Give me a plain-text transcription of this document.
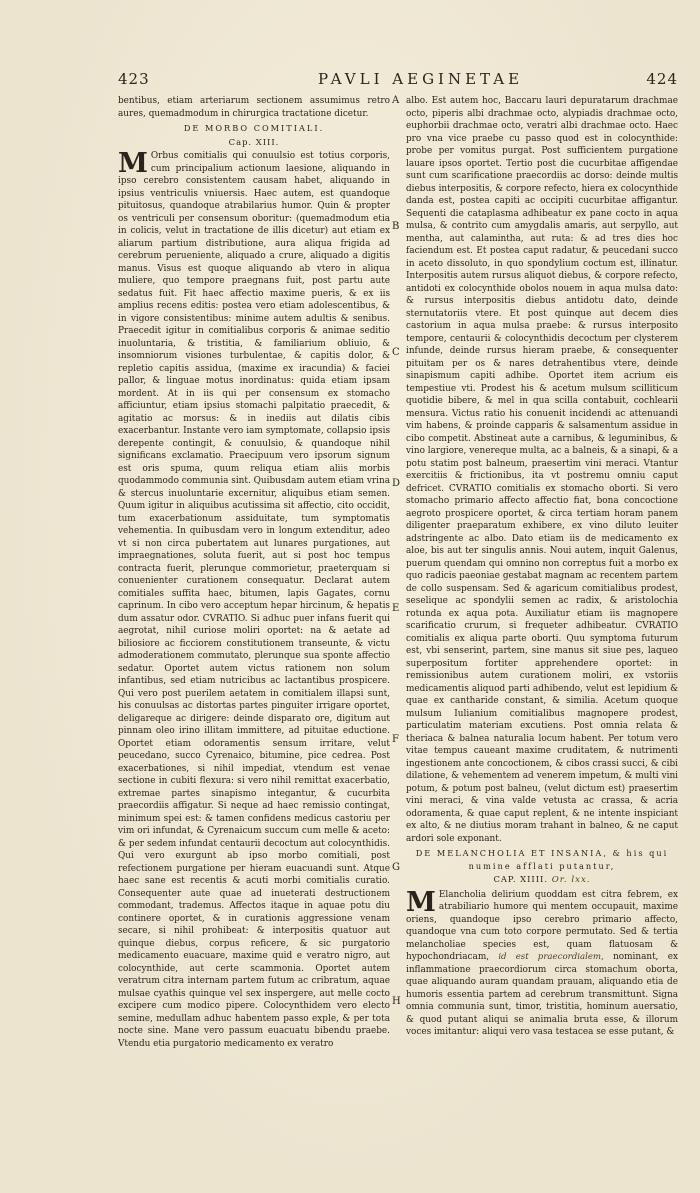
423	PAVLI AEGINETAE	424

bentibus, etiam arteriarum sectionem assumimus retro aures, quemadmodum in chirurgica tractatione dicetur.

DE MORBO COMITIALI.
Cap. XIII.

M Orbus comitialis qui conuulsio est totius corporis, cum principalium actionum laesione, aliquando in ipso cerebro consistentem causam habet, aliquando in ipsius ventriculis vniuersis. Haec autem, est quandoque pituitosus, quandoque atrabilarius humor. Quin & propter os ventriculi per consensum oboritur: (quemadmodum etia in colicis, velut in tractatione de illis dicetur) aut etiam ex aliarum partium distributione, aura aliqua frigida ad cerebrum perueniente, aliquado a crure, aliquado a digitis manus. Visus est quoque aliquando ab vtero in aliqua muliere, quo tempore praegnans fuit, post partu aute sedatus fuit. Fit haec affectio maxime pueris, & ex iis amplius recens editis: postea vero etiam adolescentibus, & in vigore consistentibus: minime autem adultis & senibus. Praecedit igitur in comitialibus corporis & animae seditio inuoluntaria, & tristitia, & familiarium obliuio, & insomniorum visiones turbulentae, & capitis dolor, & repletio capitis assidua, (maxime ex iracundia) & faciei pallor, & linguae motus inordinatus: quida etiam ipsam mordent. At in iis qui per consensum ex stomacho afficiuntur, etiam ipsius stomachi palpitatio praecedit, & agitatio ac morsus: & in inediis aut dilatis cibis exacerbantur. Instante vero iam symptomate, collapsio ipsis derepente contingit, & conuulsio, & quandoque nihil significans exclamatio. Praecipuum vero ipsorum signum est oris spuma, quum reliqua etiam aliis morbis quodammodo communia sint. Quibusdam autem etiam vrina & stercus inuoluntarie excernitur, aliquibus etiam semen. Quum igitur in aliquibus acutissima sit affectio, cito occidit, tum exacerbationum assiduitate, tum symptomatis vehementia. In quibusdam vero in longum extenditur, adeo vt si non circa pubertatem aut lunares purgationes, aut impraegnationes, soluta fuerit, aut si post hoc tempus contracta fuerit, plerunque commorietur, praeterquam si conuenienter curationem consequatur. Declarat autem comitiales suffita haec, bitumen, lapis Gagates, cornu caprinum. In cibo vero acceptum hepar hircinum, & hepatis dum assatur odor. CVRATIO. Si adhuc puer infans fuerit qui aegrotat, nihil curiose moliri oportet: na & aetate ad biliosiore ac ficciorem constitutionem transeunte, & victu admoderationem commutato, plerunque sua sponte affectio sedatur. Oportet autem victus rationem non solum infantibus, sed etiam nutricibus ac lactantibus prospicere. Qui vero post puerilem aetatem in comitialem illapsi sunt, his conuulsas ac distortas partes pinguiter irrigare oportet, deligareque ac dirigere: deinde disparato ore, digitum aut pinnam oleo irino illitam immittere, ad pituitae eductione. Oportet etiam odoramentis sensum irritare, velut peucedano, succo Cyrenaico, bitumine, pice cedrea. Post exacerbationes, si nihil impediat, vtendum est venae sectione in cubiti flexura: si vero nihil remittat exacerbatio, extremae partes sinapismo integantur, & cucurbita praecordiis affigatur. Si neque ad haec remissio contingat, minimum spei est: & tamen confidens medicus castoriu per vim ori infundat, & Cyrenaicum succum cum melle & aceto: & per sedem infundat centaurii decoctum aut colocynthidis. Qui vero exurgunt ab ipso morbo comitiali, post refectionem purgatione per hieram euacuandi sunt. Atque haec sane est recentis & acuti morbi comitialis curatio. Consequenter aute quae ad inueterati destructionem commodant, trademus. Affectos itaque in aquae potu diu continere oportet, & in curationis aggressione venam secare, si nihil prohibeat: & interpositis quatuor aut quinque diebus, corpus reficere, & sic purgatorio medicamento euacuare, maxime quid e veratro nigro, aut colocynthide, aut certe scammonia. Oportet autem veratrum citra internam partem futum ac cribratum, aquae mulsae cyathis quinque vel sex inspergere, aut melle cocto excipere cum modico pipere. Colocynthidem vero electo semine, medullam adhuc habentem passo exple, & per tota nocte sine. Mane vero passum euacuatu bibendu praebe. Vtendu etia purgatorio medicamento ex veratro

A
B
C
D
E
F
G
H

albo. Est autem hoc, Baccaru lauri depuratarum drachmae octo, piperis albi drachmae octo, alypiadis drachmae octo, euphorbii drachmae octo, veratri albi drachmae octo. Haec pro vna vice praebe cu passo quod est in colocynthide: probe per vomitus purgat. Post sufficientem purgatione lauare ipsos oportet. Tertio post die cucurbitae affigendae sunt cum scarificatione praecordiis ac dorso: deinde multis diebus interpositis, & corpore refecto, hiera ex colocynthide danda est, postea capiti ac occipiti cucurbitae affigantur. Sequenti die cataplasma adhibeatur ex pane cocto in aqua mulsa, & contrito cum amygdalis amaris, aut serpyllo, aut mentha, aut calamintha, aut ruta: & ad tres dies hoc faciendum est. Et postea caput radatur, & peucedani succo in aceto dissoluto, in quo spondylium coctum est, illinatur. Interpositis autem rursus aliquot diebus, & corpore refecto, antidoti ex colocynthide obolos nouem in aqua mulsa dato: & rursus interpositis diebus antidotu dato, deinde sternutatoriis vtere. Et post quinque aut decem dies castorium in aqua mulsa praebe: & rursus interposito tempore, centaurii & colocynthidis decoctum per clysterem infunde, deinde rursus hieram praebe, & consequenter pituitam per os & nares detrahentibus vtere, deinde sinapismum capiti adhibe. Oportet item acrium eis tempestiue vti. Prodest his & acetum mulsum scilliticum quotidie bibere, & mel in qua scilla contabuit, cochlearii mensura. Victus ratio his conuenit incidendi ac attenuandi vim habens, & proinde capparis & salsamentum assidue in cibo competit. Abstineat aute a carnibus, & leguminibus, & vino largiore, venereque multa, ac a balneis, & a sinapi, & a potu statim post balneum, praesertim vini meraci. Vtantur exercitiis & frictionibus, ita vt postremu omniu caput defricet. CVRATIO comitialis ex stomacho oborti. Si vero stomacho primario affecto affectio fiat, bona concoctione aegroto prospicere oportet, & circa tertiam horam panem diligenter praeparatum exhibere, ex vino diluto leuiter adstringente ac albo. Dato etiam iis de medicamento ex aloe, bis aut ter singulis annis. Noui autem, inquit Galenus, puerum quendam qui omnino non correptus fuit a morbo ex quo radicis paeoniae gestabat magnam ac recentem partem de collo suspensam. Sed & agaricum comitialibus prodest, seselique ac spondylii semen ac radix, & aristolochia rotunda ex aqua pota. Auxiliatur etiam iis magnopere scarificatio crurum, si frequeter adhibeatur. CVRATIO comitialis ex aliqua parte oborti. Quu symptoma futurum est, vbi senserint, partem, sine manus sit siue pes, laqueo superpositum fortiter apprehendere oportet: in remissionibus autem curationem moliri, ex vstoriis medicamentis aliquod parti adhibendo, velut est lepidium & quae ex cantharide constant, & similia. Acetum quoque mulsum Iulianium comitialibus magnopere prodest, particulatim materiam excutiens. Post omnia relata & theriaca & balnea naturalia locum habent. Per totum vero vitae tempus caueant maxime cruditatem, & nutrimenti ingestionem ante concoctionem, & cibos crassi succi, & cibi dilatione, & vehementem ad venerem impetum, & multi vini potum, & potum post balneu, (velut dictum est) praesertim vini meraci, & vina valde vetusta ac crassa, & acria odoramenta, & quae caput replent, & ne intente inspiciant ex alto, & ne diutius moram trahant in balneo, & ne caput ardori sole exponant.

DE MELANCHOLIA ET INSANIA, & his qui numine afflati putantur,
CAP. XIIII. Or. lxx.

M Elancholia delirium quoddam est citra febrem, ex atrabiliario humore qui mentem occupauit, maxime oriens, quandoque ipso cerebro primario affecto, quandoque vna cum toto corpore permutato. Sed & tertia melancholiae species est, quam flatuosam & hypochondriacam, id est praecordialem, nominant, ex inflammatione praecordiorum circa stomachum oborta, quae aliquando auram quandam prauam, aliquando etia de humoris essentia partem ad cerebrum transmittunt. Signa omnia communia sunt, timor, tristitia, hominum auersatio, & quod putant aliqui se animalia bruta esse, & illorum voces imitantur: aliqui vero vasa testacea se esse putant, &
